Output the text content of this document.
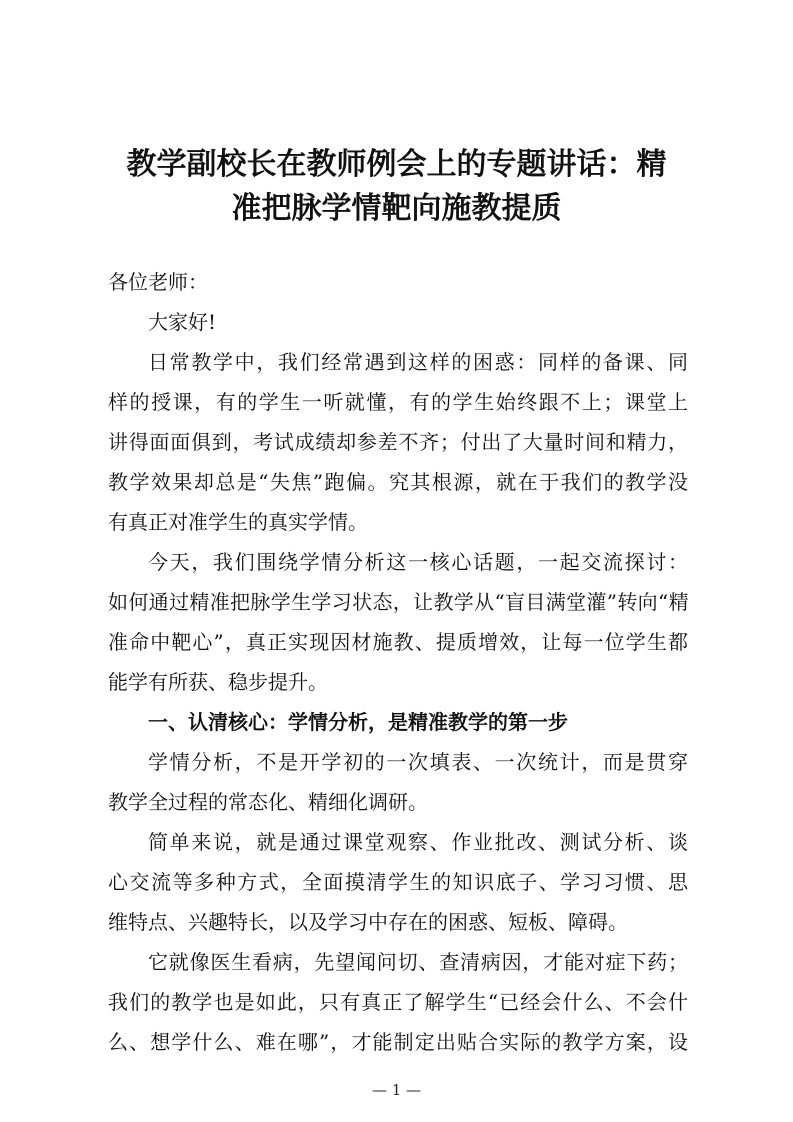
教学副校长在教师例会上的专题讲话：精
准把脉学情靶向施教提质
各位老师：
大家好!
日常教学中，我们经常遇到这样的困惑：同样的备课、同
样的授课，有的学生一听就懂，有的学生始终跟不上；课堂上
讲得面面俱到，考试成绩却参差不齐；付出了大量时间和精力，
教学效果却总是“失焦”跑偏。究其根源，就在于我们的教学没
有真正对准学生的真实学情。
今天，我们围绕学情分析这一核心话题，一起交流探讨：
如何通过精准把脉学生学习状态，让教学从“盲目满堂灌”转向“精
准命中靶心”，真正实现因材施教、提质增效，让每一位学生都
能学有所获、稳步提升。
一、认清核心：学情分析，是精准教学的第一步
学情分析，不是开学初的一次填表、一次统计，而是贯穿
教学全过程的常态化、精细化调研。
简单来说，就是通过课堂观察、作业批改、测试分析、谈
心交流等多种方式，全面摸清学生的知识底子、学习习惯、思
维特点、兴趣特长，以及学习中存在的困惑、短板、障碍。
它就像医生看病，先望闻问切、查清病因，才能对症下药；
我们的教学也是如此，只有真正了解学生“已经会什么、不会什
么、想学什么、难在哪”，才能制定出贴合实际的教学方案，设
— 1 —
